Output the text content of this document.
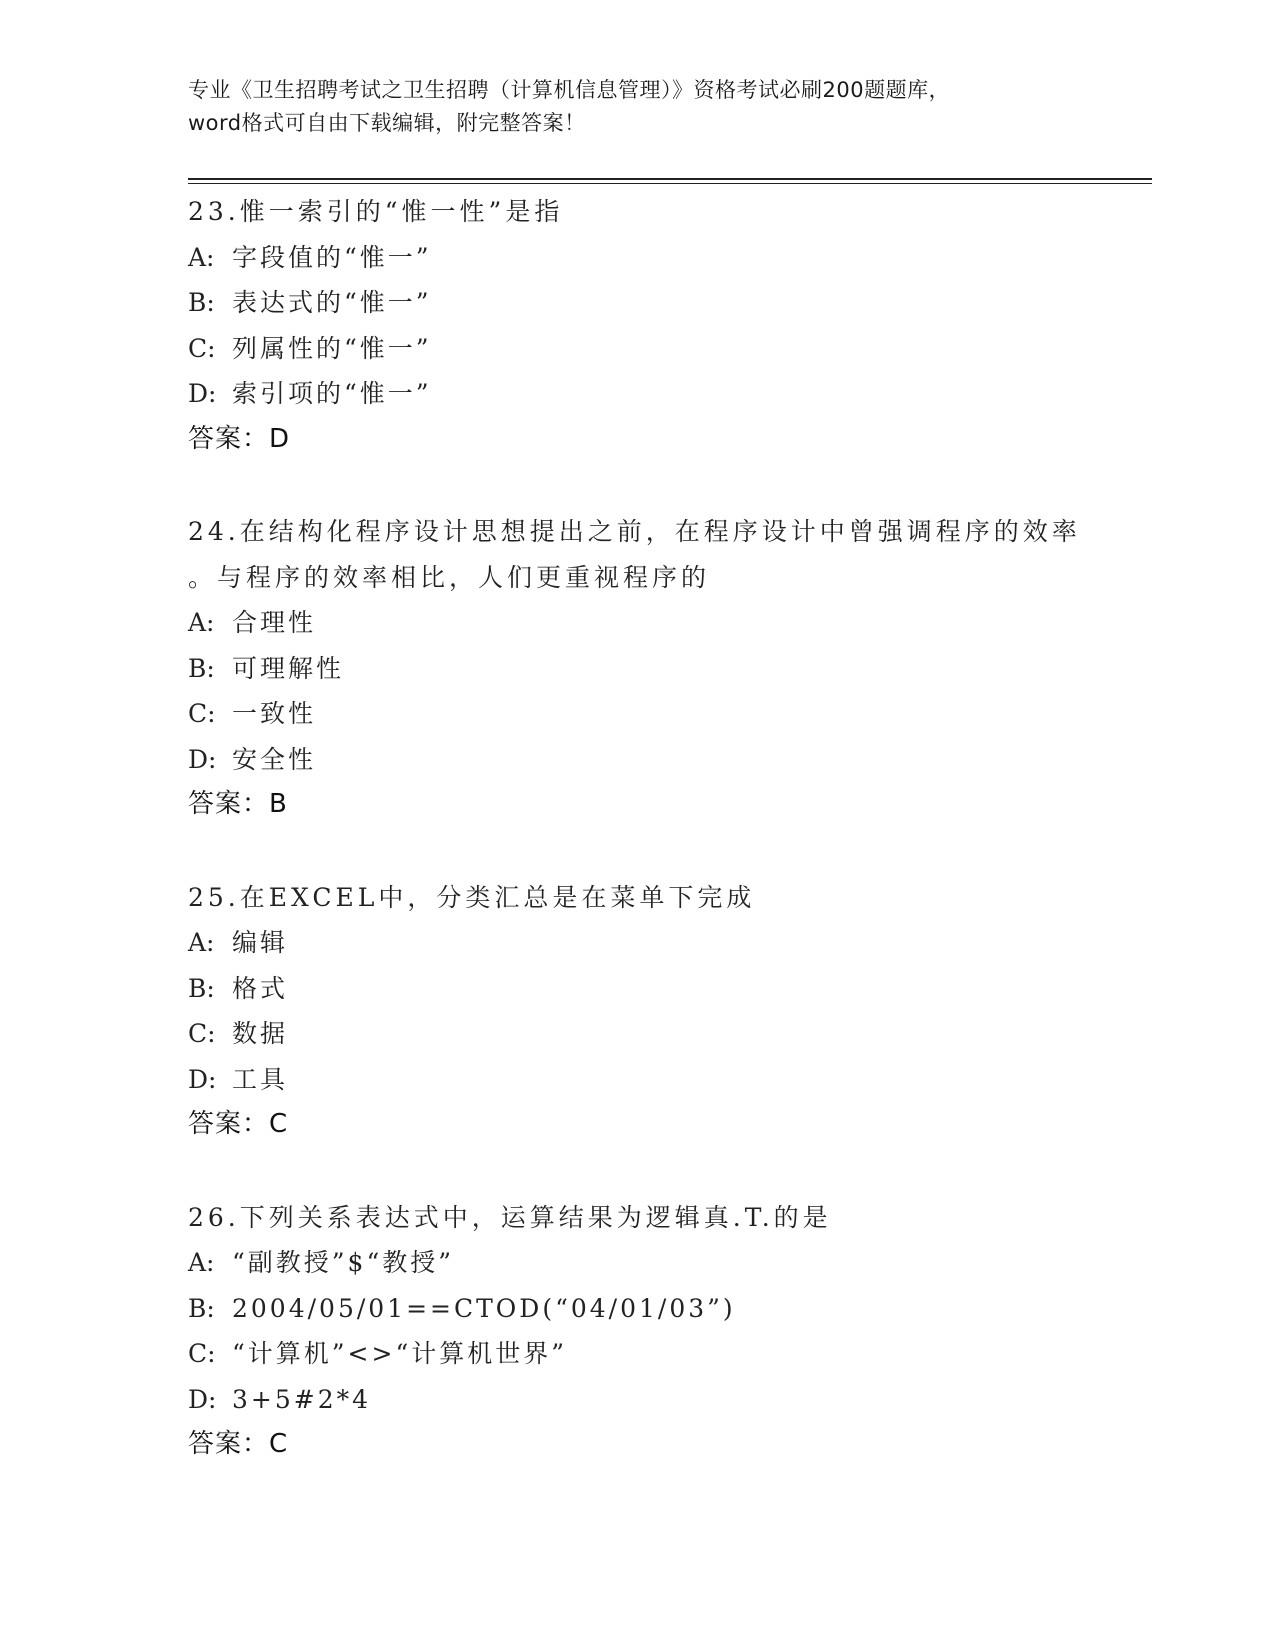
专业《卫生招聘考试之卫生招聘（计算机信息管理）》资格考试必刷200题题库，
word格式可自由下载编辑，附完整答案！
23.惟一索引的“惟一性”是指
A: 字段值的“惟一”
B: 表达式的“惟一”
C: 列属性的“惟一”
D: 索引项的“惟一”
答案：D
24.在结构化程序设计思想提出之前，在程序设计中曾强调程序的效率
。与程序的效率相比，人们更重视程序的
A: 合理性
B: 可理解性
C: 一致性
D: 安全性
答案：B
25.在EXCEL中，分类汇总是在菜单下完成
A: 编辑
B: 格式
C: 数据
D: 工具
答案：C
26.下列关系表达式中，运算结果为逻辑真.T.的是
A: “副教授”$“教授”
B: 2004/05/01==CTOD(“04/01/03”)
C: “计算机”<>“计算机世界”
D: 3+5#2*4
答案：C
